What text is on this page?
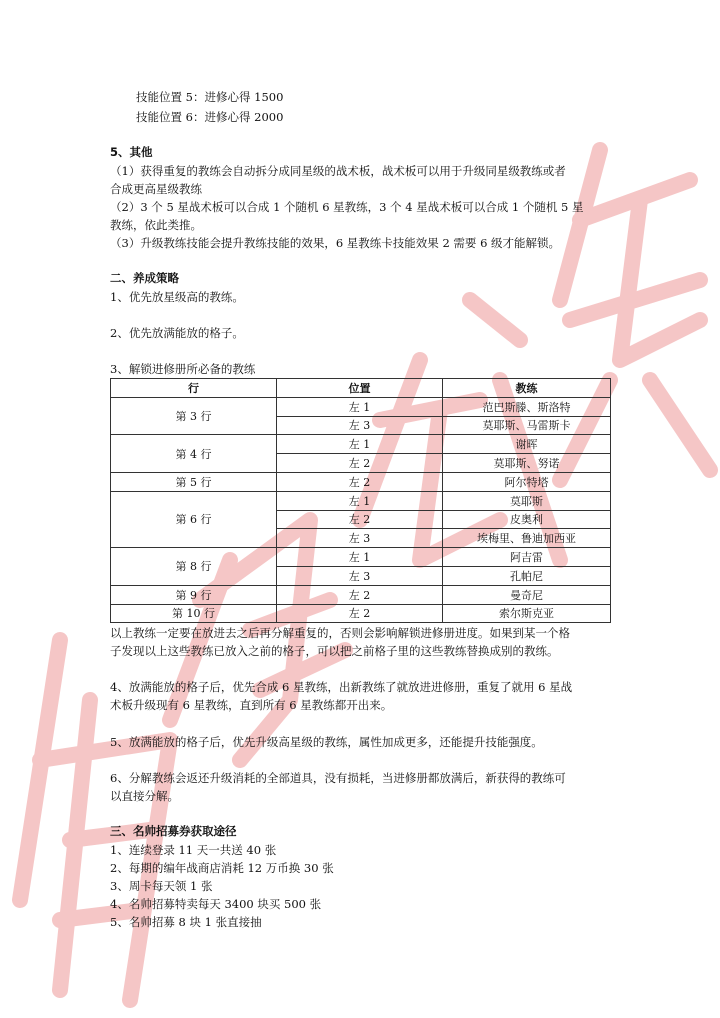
技能位置 5：进修心得 1500
技能位置 6：进修心得 2000
5、其他
（1）获得重复的教练会自动拆分成同星级的战术板，战术板可以用于升级同星级教练或者
合成更高星级教练
（2）3 个 5 星战术板可以合成 1 个随机 6 星教练，3 个 4 星战术板可以合成 1 个随机 5 星
教练，依此类推。
（3）升级教练技能会提升教练技能的效果，6 星教练卡技能效果 2 需要 6 级才能解锁。
二、养成策略
1、优先放星级高的教练。
2、优先放满能放的格子。
3、解锁进修册所必备的教练
行	位置	教练
第 3 行	左 1	范巴斯滕、斯洛特
	左 3	莫耶斯、马雷斯卡
第 4 行	左 1	谢晖
	左 2	莫耶斯、努诺
第 5 行	左 2	阿尔特塔
第 6 行	左 1	莫耶斯
	左 2	皮奥利
	左 3	埃梅里、鲁迪加西亚
第 8 行	左 1	阿吉雷
	左 3	孔帕尼
第 9 行	左 2	曼奇尼
第 10 行	左 2	索尔斯克亚
以上教练一定要在放进去之后再分解重复的，否则会影响解锁进修册进度。如果到某一个格
子发现以上这些教练已放入之前的格子，可以把之前格子里的这些教练替换成别的教练。
4、放满能放的格子后，优先合成 6 星教练，出新教练了就放进进修册，重复了就用 6 星战
术板升级现有 6 星教练，直到所有 6 星教练都开出来。
5、放满能放的格子后，优先升级高星级的教练，属性加成更多，还能提升技能强度。
6、分解教练会返还升级消耗的全部道具，没有损耗，当进修册都放满后，新获得的教练可
以直接分解。
三、名帅招募券获取途径
1、连续登录 11 天一共送 40 张
2、每期的编年战商店消耗 12 万币换 30 张
3、周卡每天领 1 张
4、名帅招募特卖每天 3400 块买 500 张
5、名帅招募 8 块 1 张直接抽
